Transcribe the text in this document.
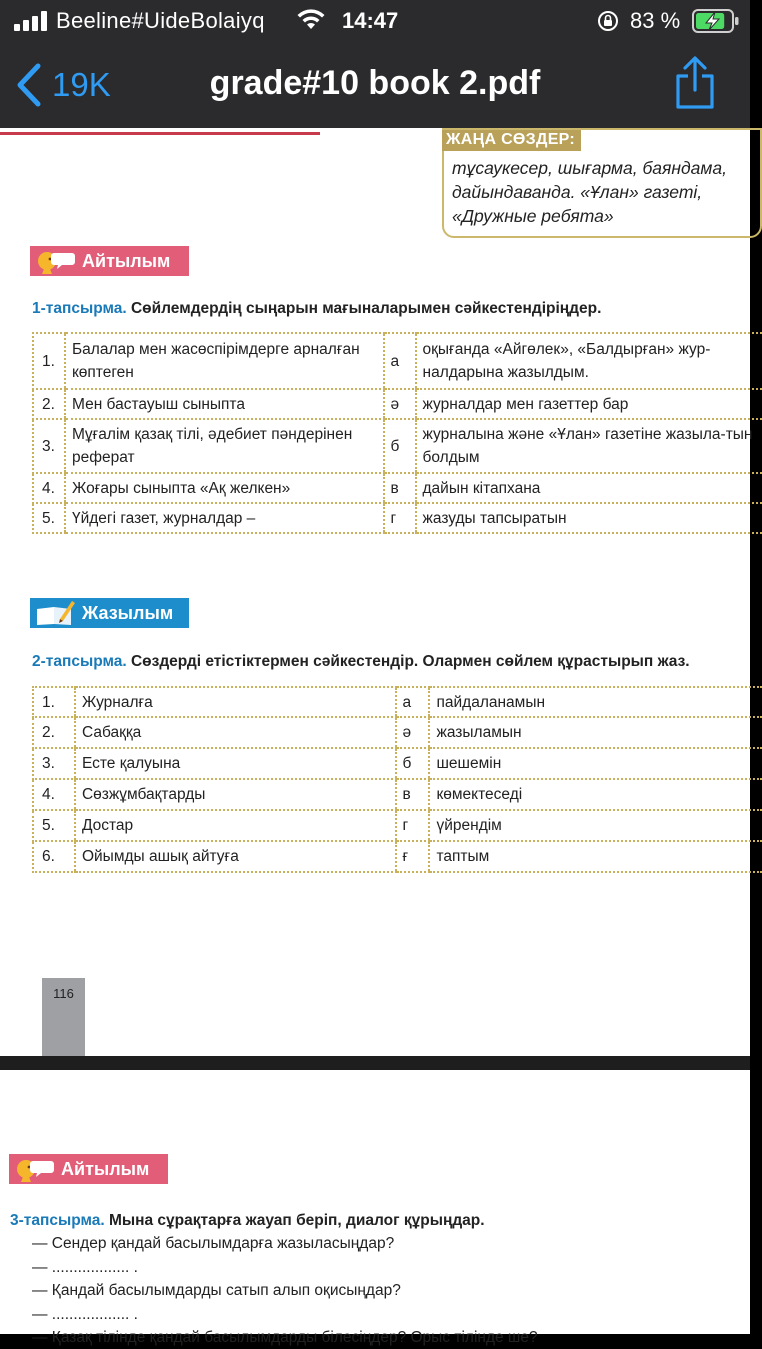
Beeline#UideBolaiyq	14:47	83 %
19K	grade#10 book 2.pdf
ЖАҢА СӨЗДЕР:
тұсаукесер, шығарма, баяндама, дайындаванда. «Ұлан» газеті, «Дружные ребята»
Айтылым
1-тапсырма. Сөйлемдердің сыңарын мағыналарымен сәйкестендіріңдер.
1.	Балалар мен жасөспірімдерге арналған көптеген	а	оқығанда «Айгөлек», «Балдырған» жур-налдарына жазылдым.
2.	Мен бастауыш сыныпта	ә	журналдар мен газеттер бар
3.	Мұғалім қазақ тілі, әдебиет пәндерінен реферат	б	журналына және «Ұлан» газетіне жазыла-тын болдым
4.	Жоғары сыныпта «Ақ желкен»	в	дайын кітапхана
5.	Үйдегі газет, журналдар –	г	жазуды тапсыратын
Жазылым
2-тапсырма. Сөздерді етістіктермен сәйкестендір. Олармен сөйлем құрастырып жаз.
1.	Журналға	а	пайдаланамын
2.	Сабаққа	ә	жазыламын
3.	Есте қалуына	б	шешемін
4.	Сөзжұмбақтарды	в	көмектеседі
5.	Достар	г	үйрендім
6.	Ойымды ашық айтуға	ғ	таптым
116
Айтылым
3-тапсырма. Мына сұрақтарға жауап беріп, диалог құрыңдар.
— Сендер қандай басылымдарға жазыласыңдар?
— .................. .
— Қандай басылымдарды сатып алып оқисыңдар?
— .................. .
— Қазақ тілінде қандай басылымдарды білесіңдер? Орыс тілінде ше?
